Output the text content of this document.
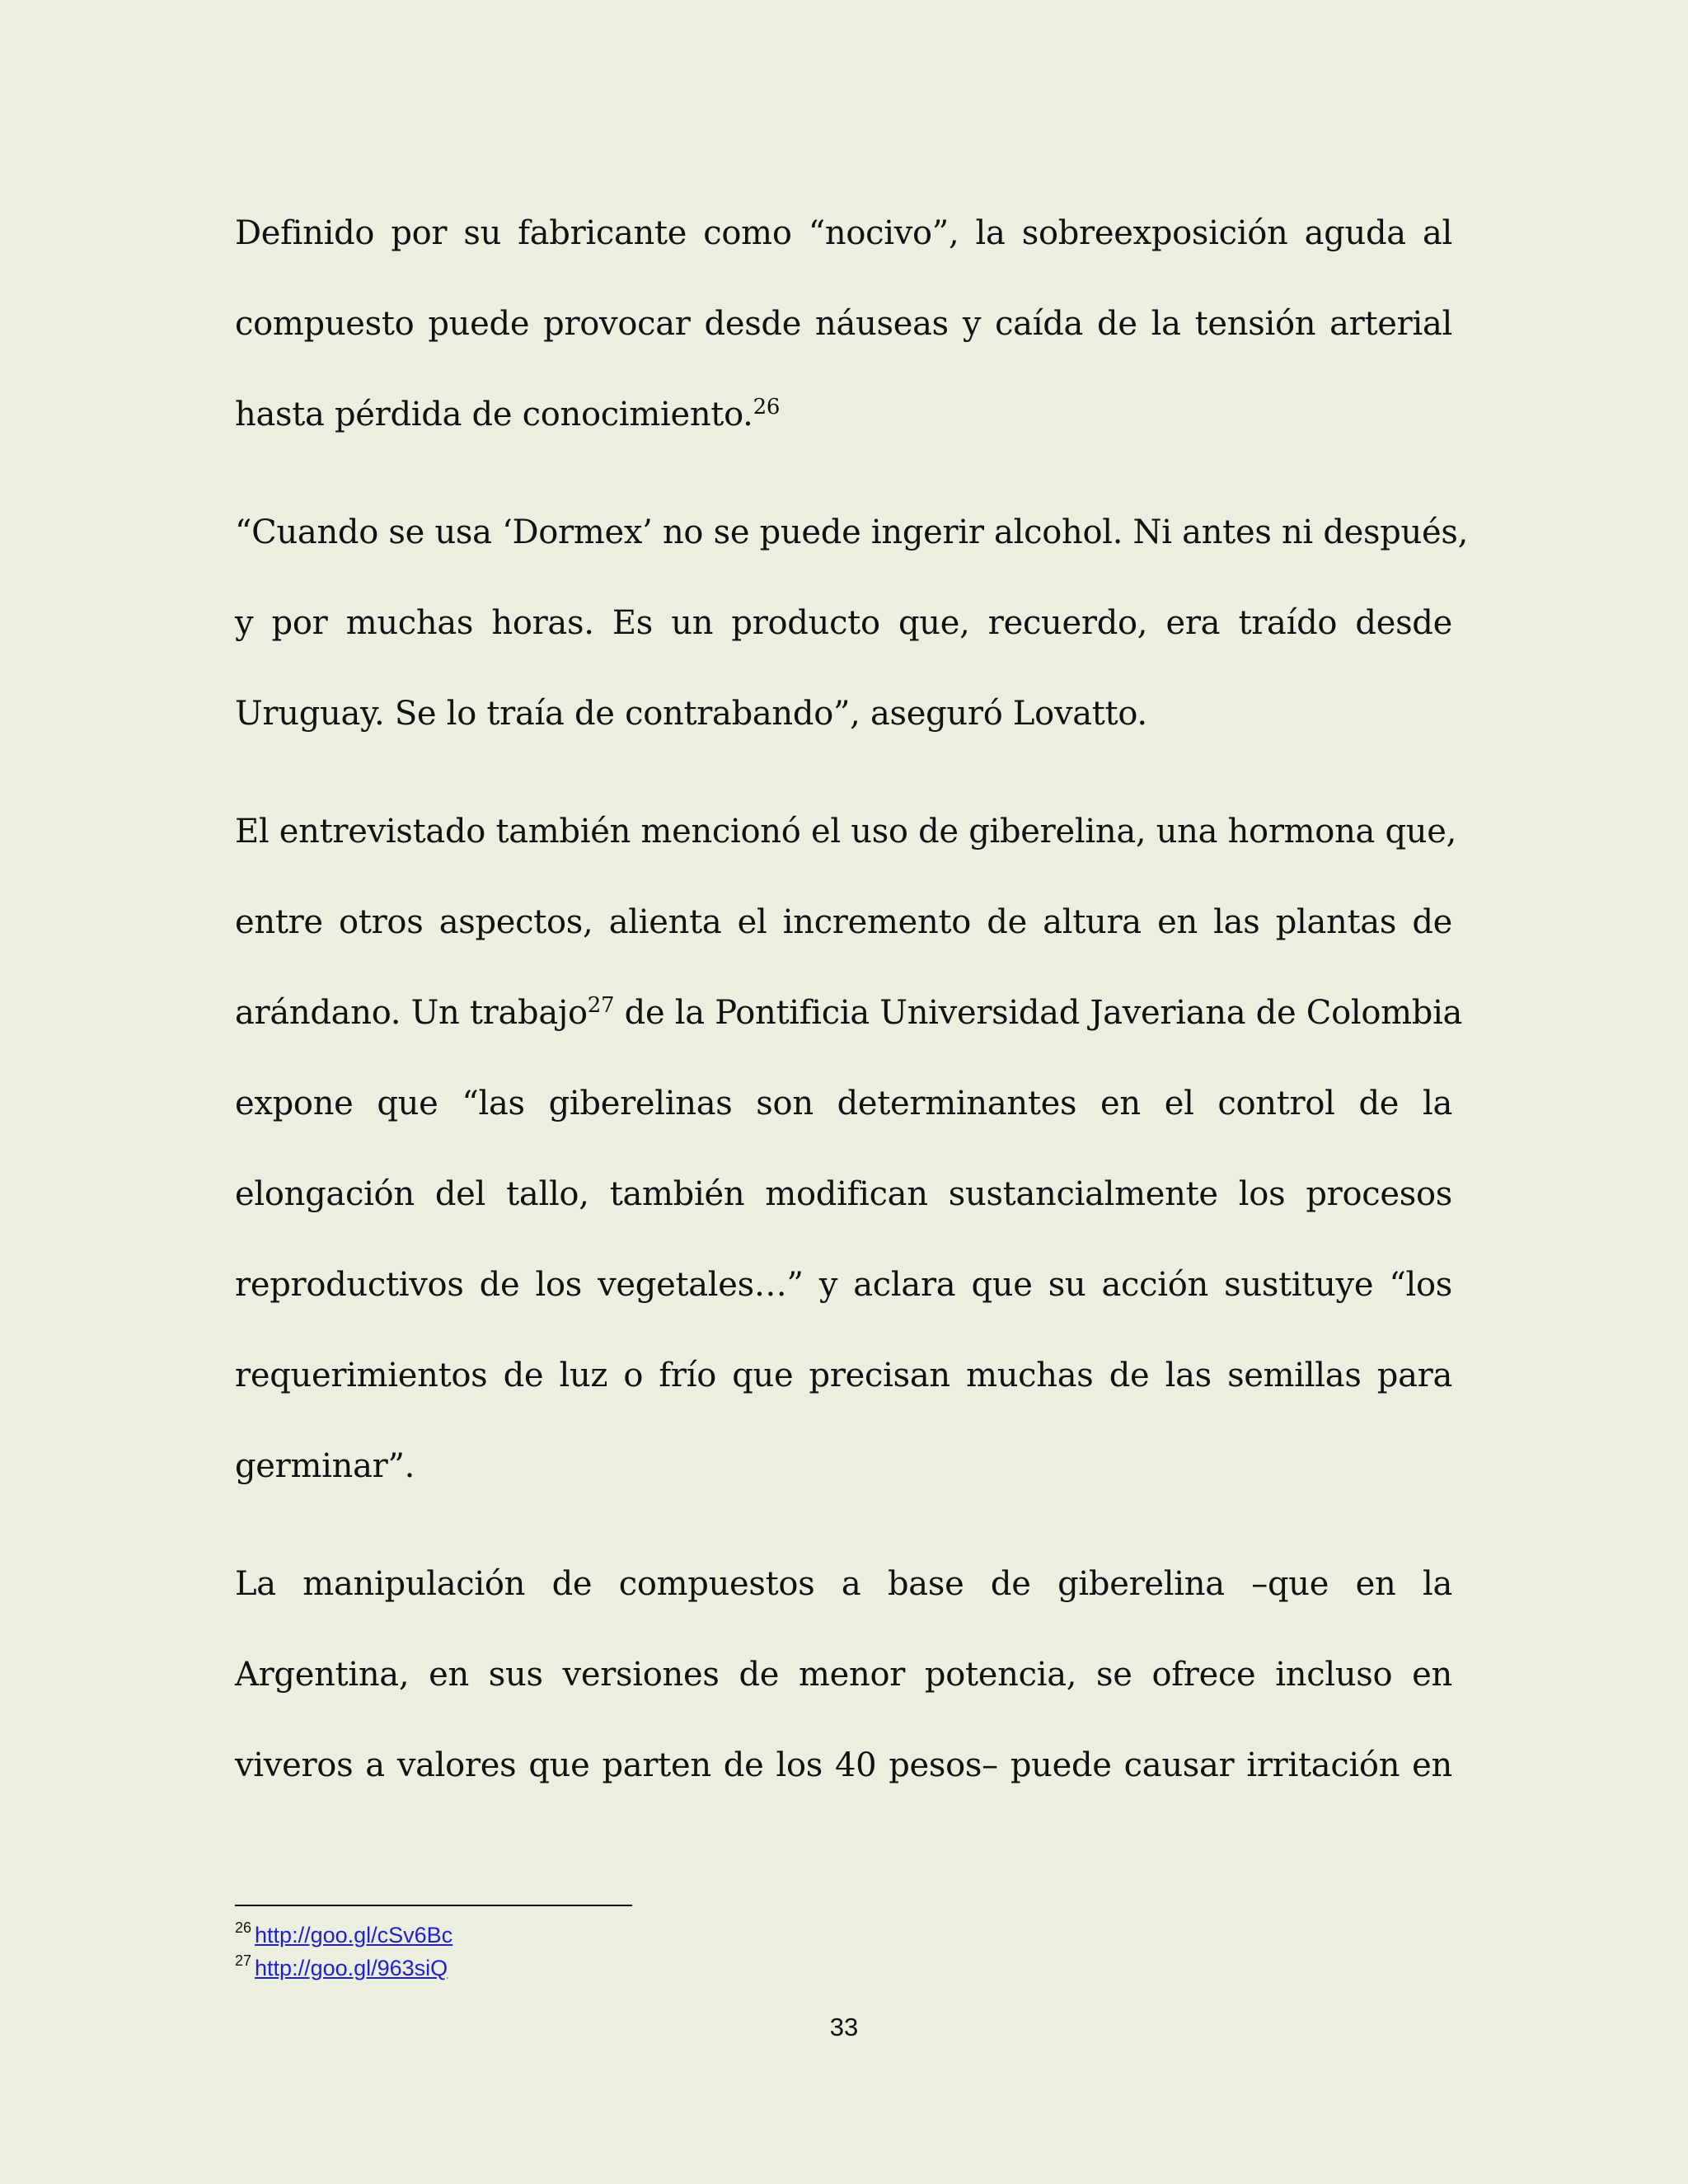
Definido por su fabricante como “nocivo”, la sobreexposición aguda al
compuesto puede provocar desde náuseas y caída de la tensión arterial
hasta pérdida de conocimiento.$^{26}$

“Cuando se usa ‘Dormex’ no se puede ingerir alcohol. Ni antes ni después,
y por muchas horas. Es un producto que, recuerdo, era traído desde
Uruguay. Se lo traía de contrabando”, aseguró Lovatto.

El entrevistado también mencionó el uso de giberelina, una hormona que,
entre otros aspectos, alienta el incremento de altura en las plantas de
arándano. Un trabajo$^{27}$ de la Pontificia Universidad Javeriana de Colombia
expone que “las giberelinas son determinantes en el control de la
elongación del tallo, también modifican sustancialmente los procesos
reproductivos de los vegetales…” y aclara que su acción sustituye “los
requerimientos de luz o frío que precisan muchas de las semillas para
germinar”.

La manipulación de compuestos a base de giberelina –que en la
Argentina, en sus versiones de menor potencia, se ofrece incluso en
viveros a valores que parten de los 40 pesos– puede causar irritación en

$^{26}$ http://goo.gl/cSv6Bc
$^{27}$ http://goo.gl/963siQ
33
